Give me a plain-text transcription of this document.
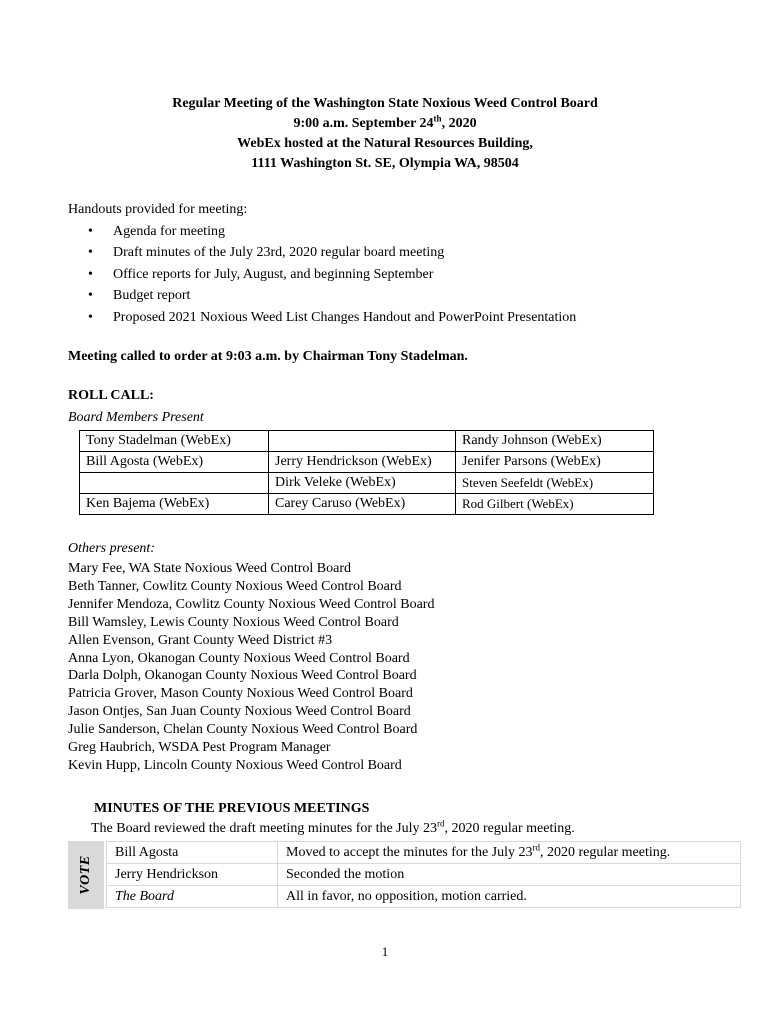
Regular Meeting of the Washington State Noxious Weed Control Board
9:00 a.m. September 24th, 2020
WebEx hosted at the Natural Resources Building,
1111 Washington St. SE, Olympia WA, 98504
Handouts provided for meeting:
• Agenda for meeting
• Draft minutes of the July 23rd, 2020 regular board meeting
• Office reports for July, August, and beginning September
• Budget report
• Proposed 2021 Noxious Weed List Changes Handout and PowerPoint Presentation
Meeting called to order at 9:03 a.m. by Chairman Tony Stadelman.
ROLL CALL:
Board Members Present
Tony Stadelman (WebEx)		Randy Johnson (WebEx)
Bill Agosta (WebEx)	Jerry Hendrickson (WebEx)	Jenifer Parsons (WebEx)
	Dirk Veleke (WebEx)	Steven Seefeldt (WebEx)
Ken Bajema (WebEx)	Carey Caruso (WebEx)	Rod Gilbert (WebEx)
Others present:
Mary Fee, WA State Noxious Weed Control Board
Beth Tanner, Cowlitz County Noxious Weed Control Board
Jennifer Mendoza, Cowlitz County Noxious Weed Control Board
Bill Wamsley, Lewis County Noxious Weed Control Board
Allen Evenson, Grant County Weed District #3
Anna Lyon, Okanogan County Noxious Weed Control Board
Darla Dolph, Okanogan County Noxious Weed Control Board
Patricia Grover, Mason County Noxious Weed Control Board
Jason Ontjes, San Juan County Noxious Weed Control Board
Julie Sanderson, Chelan County Noxious Weed Control Board
Greg Haubrich, WSDA Pest Program Manager
Kevin Hupp, Lincoln County Noxious Weed Control Board
MINUTES OF THE PREVIOUS MEETINGS
The Board reviewed the draft meeting minutes for the July 23rd, 2020 regular meeting.
VOTE
Bill Agosta	Moved to accept the minutes for the July 23rd, 2020 regular meeting.
Jerry Hendrickson	Seconded the motion
The Board	All in favor, no opposition, motion carried.
1
